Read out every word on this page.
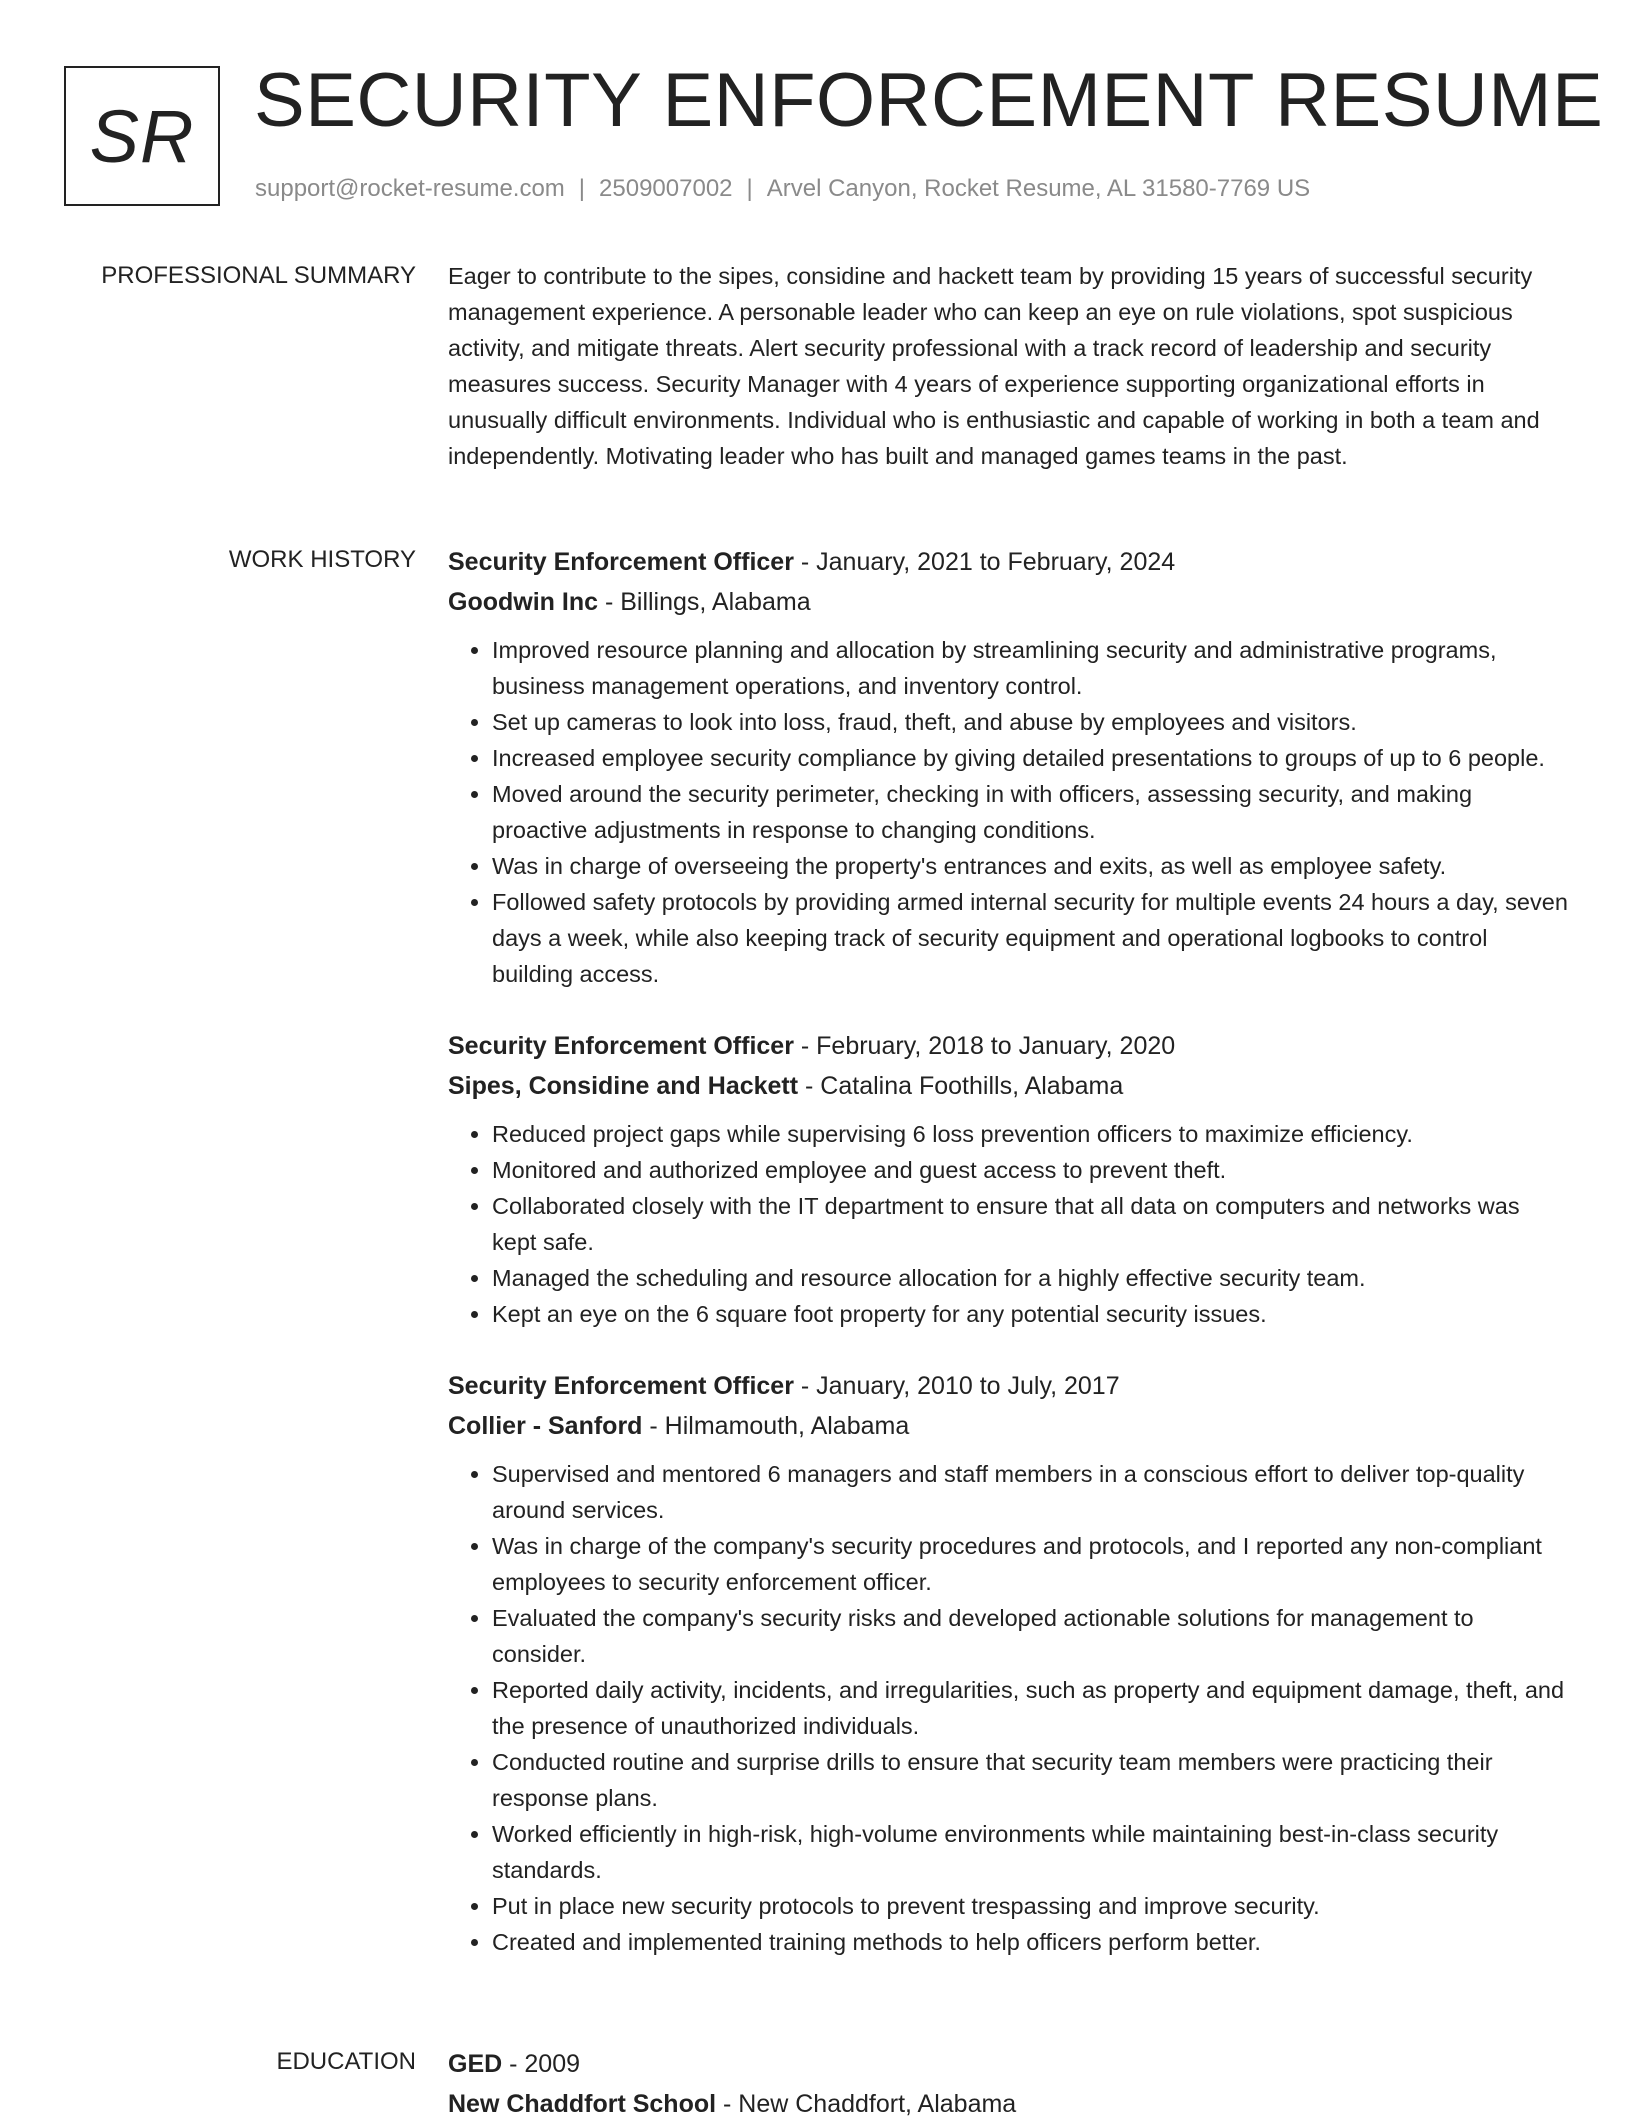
SR SECURITY ENFORCEMENT RESUME
support@rocket-resume.com | 2509007002 | Arvel Canyon, Rocket Resume, AL 31580-7769 US
PROFESSIONAL SUMMARY Eager to contribute to the sipes, considine and hackett team by providing 15 years of successful security management experience. A personable leader who can keep an eye on rule violations, spot suspicious activity, and mitigate threats. Alert security professional with a track record of leadership and security measures success. Security Manager with 4 years of experience supporting organizational efforts in unusually difficult environments. Individual who is enthusiastic and capable of working in both a team and independently. Motivating leader who has built and managed games teams in the past.

WORK HISTORY Security Enforcement Officer - January, 2021 to February, 2024
Goodwin Inc - Billings, Alabama
• Improved resource planning and allocation by streamlining security and administrative programs, business management operations, and inventory control.
• Set up cameras to look into loss, fraud, theft, and abuse by employees and visitors.
• Increased employee security compliance by giving detailed presentations to groups of up to 6 people.
• Moved around the security perimeter, checking in with officers, assessing security, and making proactive adjustments in response to changing conditions.
• Was in charge of overseeing the property's entrances and exits, as well as employee safety.
• Followed safety protocols by providing armed internal security for multiple events 24 hours a day, seven days a week, while also keeping track of security equipment and operational logbooks to control building access.
Security Enforcement Officer - February, 2018 to January, 2020
Sipes, Considine and Hackett - Catalina Foothills, Alabama
• Reduced project gaps while supervising 6 loss prevention officers to maximize efficiency.
• Monitored and authorized employee and guest access to prevent theft.
• Collaborated closely with the IT department to ensure that all data on computers and networks was kept safe.
• Managed the scheduling and resource allocation for a highly effective security team.
• Kept an eye on the 6 square foot property for any potential security issues.
Security Enforcement Officer - January, 2010 to July, 2017
Collier - Sanford - Hilmamouth, Alabama
• Supervised and mentored 6 managers and staff members in a conscious effort to deliver top-quality around services.
• Was in charge of the company's security procedures and protocols, and I reported any non-compliant employees to security enforcement officer.
• Evaluated the company's security risks and developed actionable solutions for management to consider.
• Reported daily activity, incidents, and irregularities, such as property and equipment damage, theft, and the presence of unauthorized individuals.
• Conducted routine and surprise drills to ensure that security team members were practicing their response plans.
• Worked efficiently in high-risk, high-volume environments while maintaining best-in-class security standards.
• Put in place new security protocols to prevent trespassing and improve security.
• Created and implemented training methods to help officers perform better.
EDUCATION GED - 2009
New Chaddfort School - New Chaddfort, Alabama
